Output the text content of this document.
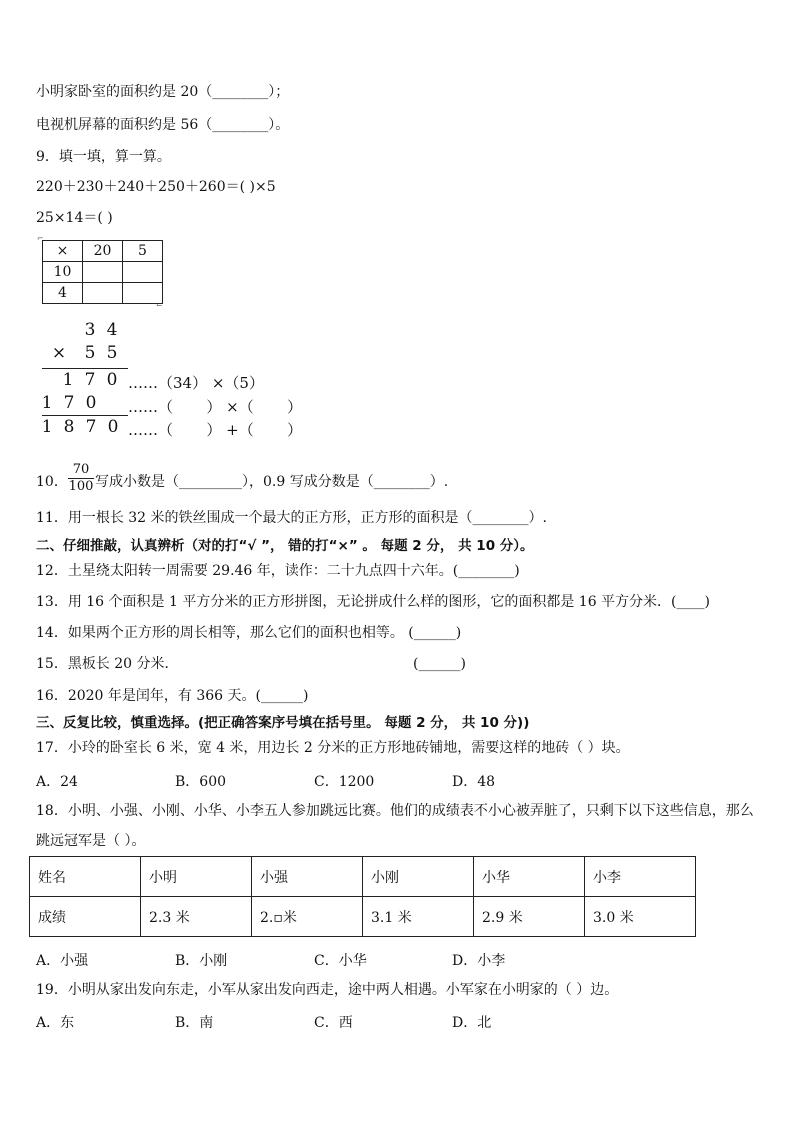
小明家卧室的面积约是 20（________）；
电视机屏幕的面积约是 56（________）。
9．填一填，算一算。
220＋230＋240＋250＋260＝( )×5
25×14＝( )
⌐
×	20	5
10		
4		
⌙
3 4
× 5 5
1 7 0 ……（34） ×（5）
1 7 0	……（       ） ×（       ）
1 8 7 0 ……（       ） +（       ）
10． $\frac{70}{100}$ 写成小数是（_________），0.9 写成分数是（________）.
11．用一根长 32 米的铁丝围成一个最大的正方形，正方形的面积是（________）.
二、仔细推敲，认真辨析（对的打“√ ”， 错的打“×” 。 每题 2 分， 共 10 分）。
12．土星绕太阳转一周需要 29.46 年，读作：二十九点四十六年。(________)
13．用 16 个面积是 1 平方分米的正方形拼图，无论拼成什么样的图形，它的面积都是 16 平方分米．(____)
14．如果两个正方形的周长相等，那么它们的面积也相等。 (______)
15．黑板长 20 分米．	(______)
16．2020 年是闰年，有 366 天。(______)
三、反复比较，慎重选择。(把正确答案序号填在括号里。 每题 2 分， 共 10 分))
17．小玲的卧室长 6 米，宽 4 米，用边长 2 分米的正方形地砖铺地，需要这样的地砖（ ）块。
A．24	B．600	C．1200	D．48
18．小明、小强、小刚、小华、小李五人参加跳远比赛。他们的成绩表不小心被弄脏了，只剩下以下这些信息，那么
跳远冠军是（ ）。
姓名	小明	小强	小刚	小华	小李
成绩	2.3 米	2.▫米	3.1 米	2.9 米	3.0 米
A．小强	B．小刚	C．小华	D．小李
19．小明从家出发向东走，小军从家出发向西走，途中两人相遇。小军家在小明家的（ ）边。
A．东	B．南	C．西	D．北
